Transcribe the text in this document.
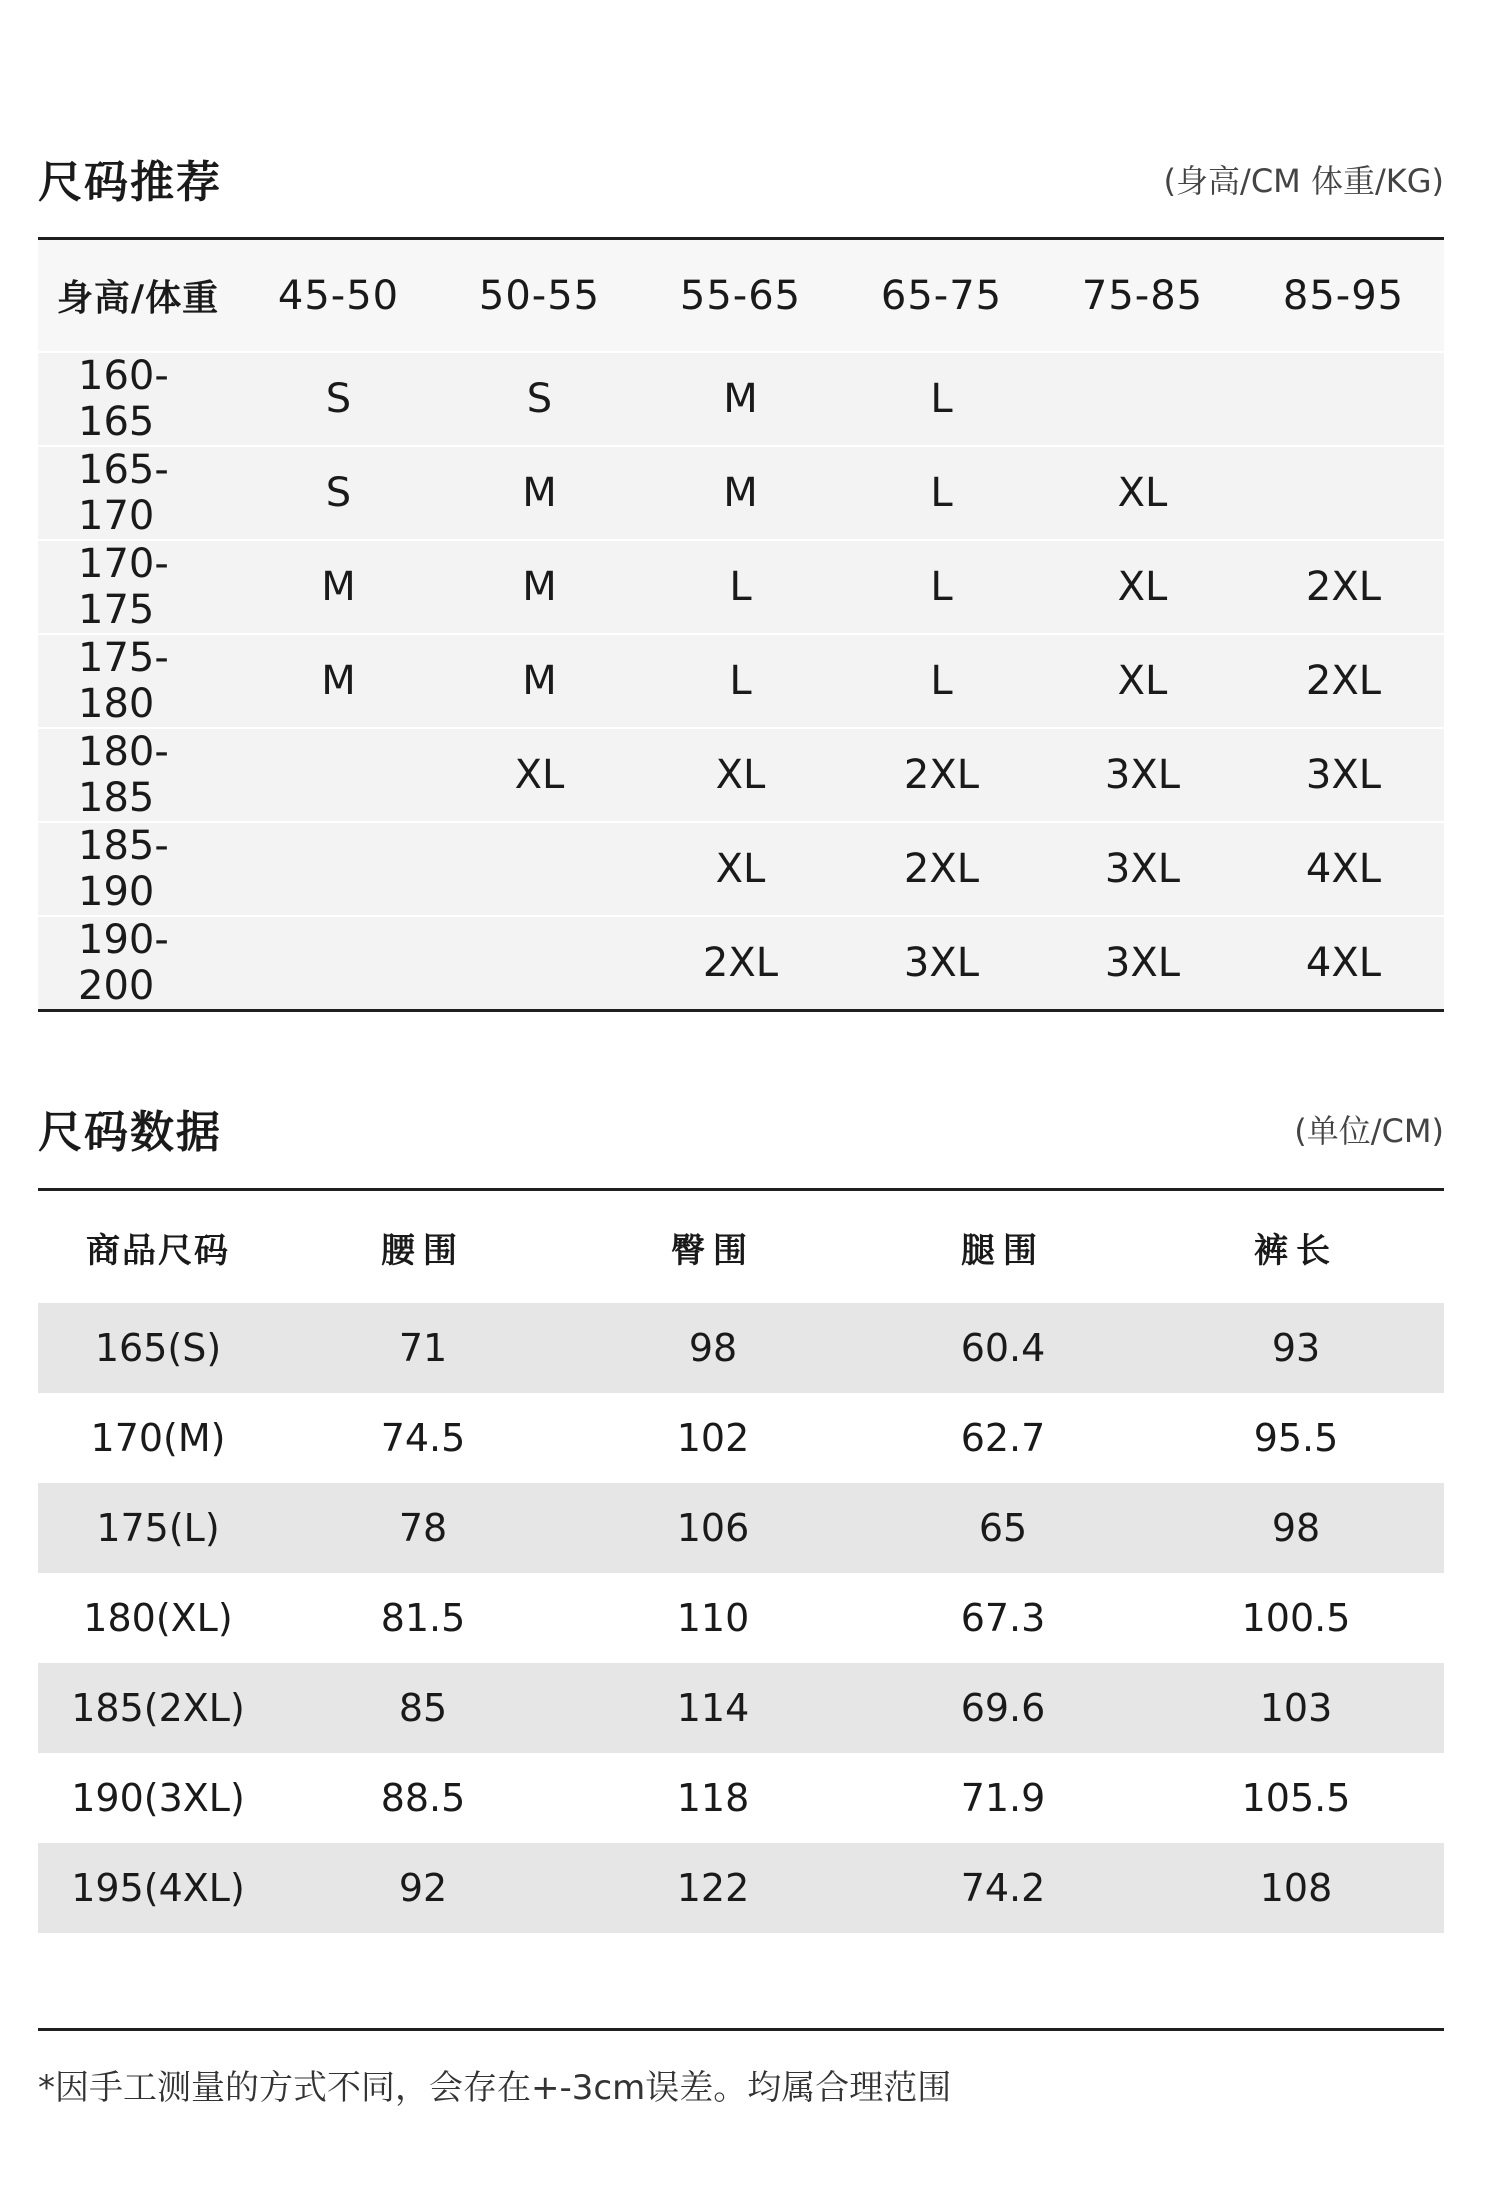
尺码推荐	(身高/CM 体重/KG)
身高/体重	45-50	50-55	55-65	65-75	75-85	85-95
160-165	S	S	M	L		
165-170	S	M	M	L	XL	
170-175	M	M	L	L	XL	2XL
175-180	M	M	L	L	XL	2XL
180-185		XL	XL	2XL	3XL	3XL
185-190			XL	2XL	3XL	4XL
190-200			2XL	3XL	3XL	4XL
尺码数据	(单位/CM)
商品尺码	腰围	臀围	腿围	裤长
165(S)	71	98	60.4	93
170(M)	74.5	102	62.7	95.5
175(L)	78	106	65	98
180(XL)	81.5	110	67.3	100.5
185(2XL)	85	114	69.6	103
190(3XL)	88.5	118	71.9	105.5
195(4XL)	92	122	74.2	108
*因手工测量的方式不同，会存在+-3cm误差。均属合理范围
